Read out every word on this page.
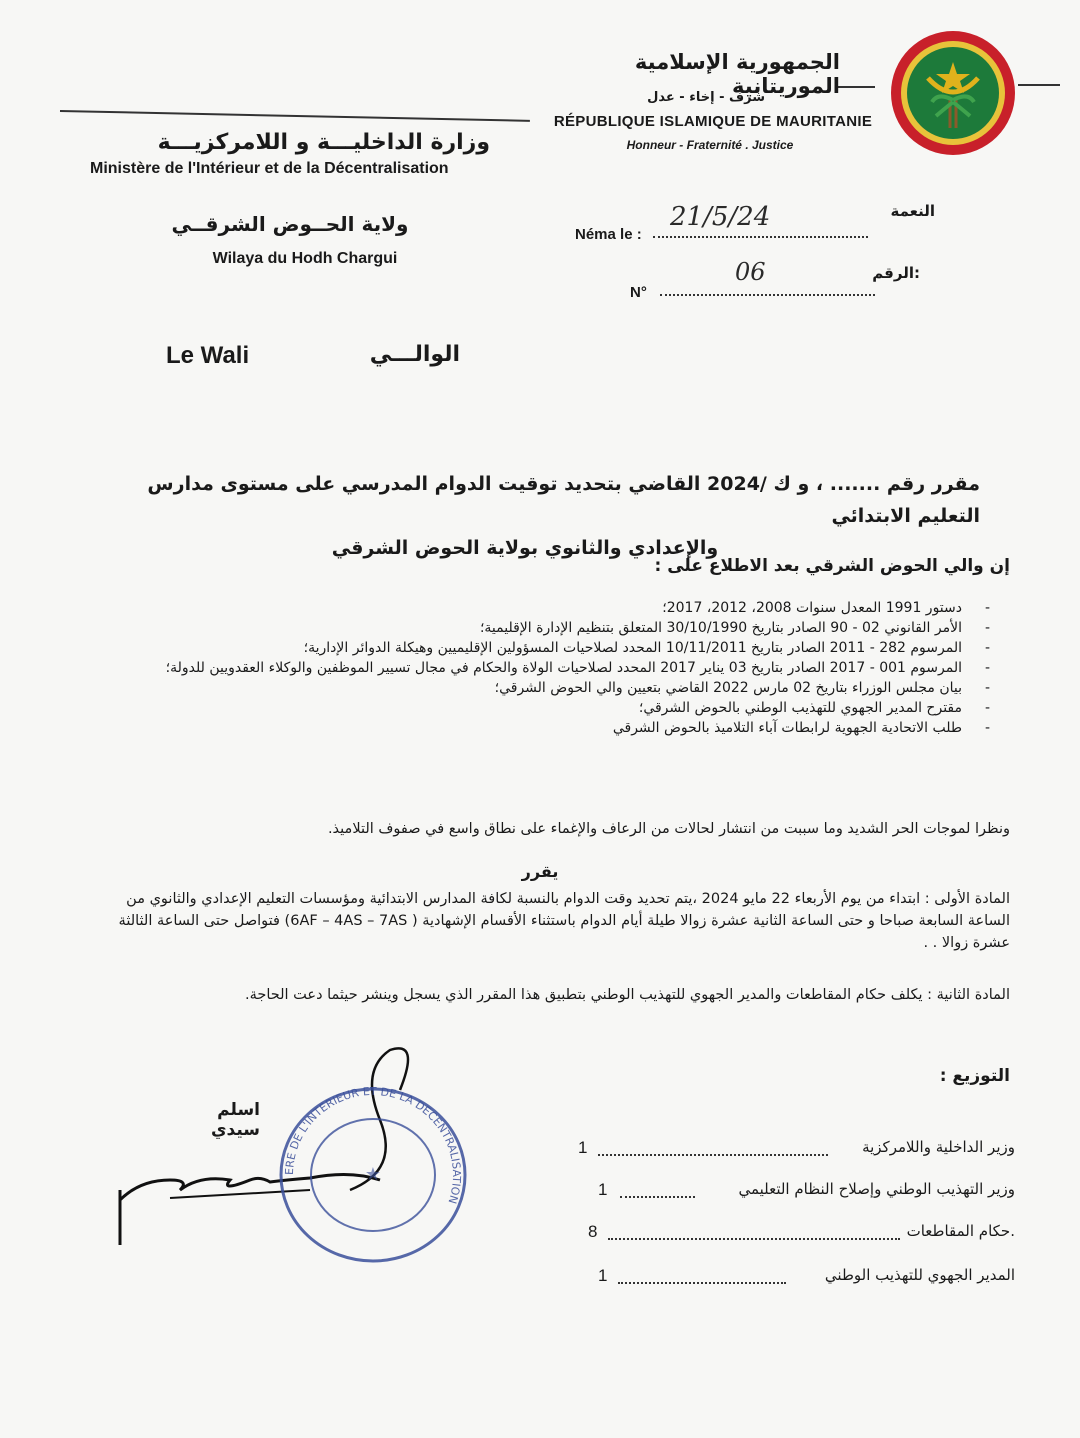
الجمهورية الإسلامية الموريتانية
شرف - إخاء - عدل
RÉPUBLIQUE ISLAMIQUE DE MAURITANIE
Honneur - Fraternité . Justice
وزارة الداخليـــة و اللامركزيـــة
Ministère de l'Intérieur et de la Décentralisation
ولاية الحــوض الشرقــي
Wilaya du Hodh Chargui
Néma le :
21/5/24	النعمة
N°
06	الرقم:
Le Wali	الوالـــي
مقرر رقم ....... ، و ك /2024 القاضي بتحديد توقيت الدوام المدرسي على مستوى مدارس التعليم الابتدائي
والإعدادي والثانوي بولاية الحوض الشرقي
إن والي الحوض الشرقي بعد الاطلاع على :
- دستور 1991 المعدل سنوات 2008، 2012، 2017؛
- الأمر القانوني 02 - 90 الصادر بتاريخ 30/10/1990 المتعلق بتنظيم الإدارة الإقليمية؛
- المرسوم 282 - 2011 الصادر بتاريخ 10/11/2011 المحدد لصلاحيات المسؤولين الإقليميين وهيكلة الدوائر الإدارية؛
- المرسوم 001 - 2017 الصادر بتاريخ 03 يناير 2017 المحدد لصلاحيات الولاة والحكام في مجال تسيير الموظفين والوكلاء العقدويين للدولة؛
- بيان مجلس الوزراء بتاريخ 02 مارس 2022 القاضي بتعيين والي الحوض الشرقي؛
- مقترح المدير الجهوي للتهذيب الوطني بالحوض الشرقي؛
- طلب الاتحادية الجهوية لرابطات آباء التلاميذ بالحوض الشرقي
ونظرا لموجات الحر الشديد وما سببت من انتشار لحالات من الرعاف والإغماء على نطاق واسع في صفوف التلاميذ.
يقرر
المادة الأولى : ابتداء من يوم الأربعاء 22 مايو 2024 ،يتم تحديد وقت الدوام بالنسبة لكافة المدارس الابتدائية ومؤسسات التعليم الإعدادي والثانوي من الساعة السابعة صباحا و حتى الساعة الثانية عشرة زوالا طيلة أيام الدوام باستثناء الأقسام الإشهادية ( 6AF – 4AS – 7AS) فتواصل حتى الساعة الثالثة عشرة زوالا . .
المادة الثانية : يكلف حكام المقاطعات والمدير الجهوي للتهذيب الوطني بتطبيق هذا المقرر الذي يسجل وينشر حيثما دعت الحاجة.
التوزيع :
وزير الداخلية واللامركزية
1
وزير التهذيب الوطني وإصلاح النظام التعليمي
1
حكام المقاطعات.
8
المدير الجهوي للتهذيب الوطني
1
اسلم سيدي
ERE DE L'INTERIEUR ET DE LA DECENTRALISATION
★
